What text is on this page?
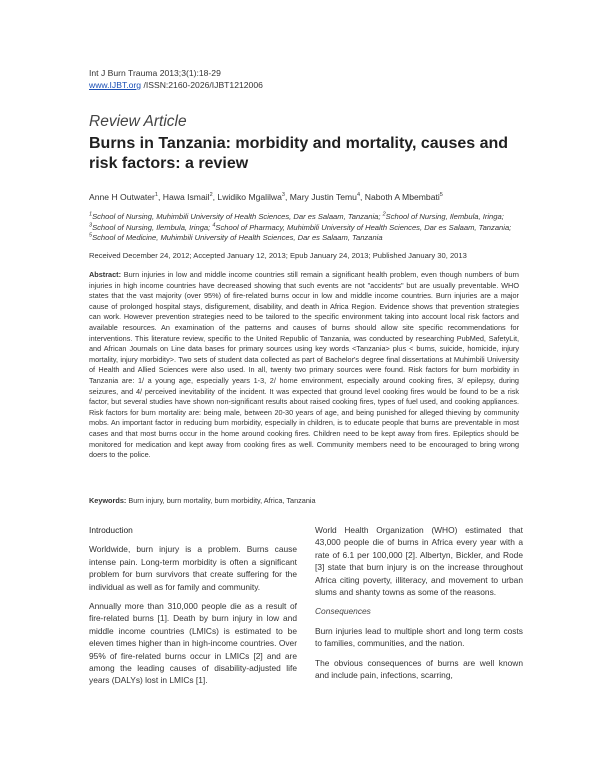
Int J Burn Trauma 2013;3(1):18-29
www.IJBT.org /ISSN:2160-2026/IJBT1212006
Review Article
Burns in Tanzania: morbidity and mortality, causes and risk factors: a review
Anne H Outwater$^1$, Hawa Ismail$^2$, Lwidiko Mgalilwa$^3$, Mary Justin Temu$^4$, Naboth A Mbembati$^5$
$^1$School of Nursing, Muhimbili University of Health Sciences, Dar es Salaam, Tanzania; $^2$School of Nursing, Ilembula, Iringa; $^3$School of Nursing, Ilembula, Iringa; $^4$School of Pharmacy, Muhimbili University of Health Sciences, Dar es Salaam, Tanzania; $^5$School of Medicine, Muhimbili University of Health Sciences, Dar es Salaam, Tanzania
Received December 24, 2012; Accepted January 12, 2013; Epub January 24, 2013; Published January 30, 2013
Abstract: Burn injuries in low and middle income countries still remain a significant health problem, even though numbers of burn injuries in high income countries have decreased showing that such events are not "accidents" but are usually preventable. WHO states that the vast majority (over 95%) of fire-related burns occur in low and middle income countries. Burn injuries are a major cause of prolonged hospital stays, disfigurement, disability, and death in Africa Region. Evidence shows that prevention strategies can work. However prevention strategies need to be tailored to the specific environment taking into account local risk factors and available resources. An examination of the patterns and causes of burns should allow site specific recommendations for interventions. This literature review, specific to the United Republic of Tanzania, was conducted by researching PubMed, SafetyLit, and African Journals on Line data bases for primary sources using key words <Tanzania> plus < burns, suicide, homicide, injury mortality, injury morbidity>. Two sets of student data collected as part of Bachelor's degree final dissertations at Muhimbili University of Health and Allied Sciences were also used. In all, twenty two primary sources were found. Risk factors for burn morbidity in Tanzania are: 1/ a young age, especially years 1-3, 2/ home environment, especially around cooking fires, 3/ epilepsy, during seizures, and 4/ perceived inevitability of the incident. It was expected that ground level cooking fires would be found to be a risk factor, but several studies have shown non-significant results about raised cooking fires, types of fuel used, and cooking appliances. Risk factors for burn mortality are: being male, between 20-30 years of age, and being punished for alleged thieving by community mobs. An important factor in reducing burn morbidity, especially in children, is to educate people that burns are preventable in most cases and that most burns occur in the home around cooking fires. Children need to be kept away from fires. Epileptics should be monitored for medication and kept away from cooking fires as well. Community members need to be encouraged to bring wrong doers to the police.
Keywords: Burn injury, burn mortality, burn morbidity, Africa, Tanzania
Introduction

Worldwide, burn injury is a problem. Burns cause intense pain. Long-term morbidity is often a significant problem for burn survivors that create suffering for the individual as well as for family and community.

Annually more than 310,000 people die as a result of fire-related burns [1]. Death by burn injury in low and middle income countries (LMICs) is estimated to be eleven times higher than in high-income countries. Over 95% of fire-related burns occur in LMICs [2] and are among the leading causes of disability-adjusted life years (DALYs) lost in LMICs [1].

World Health Organization (WHO) estimated that 43,000 people die of burns in Africa every year with a rate of 6.1 per 100,000 [2]. Albertyn, Bickler, and Rode [3] state that burn injury is on the increase throughout Africa citing poverty, illiteracy, and movement to urban slums and shanty towns as some of the reasons.

Consequences

Burn injuries lead to multiple short and long term costs to families, communities, and the nation.

The obvious consequences of burns are well known and include pain, infections, scarring,
